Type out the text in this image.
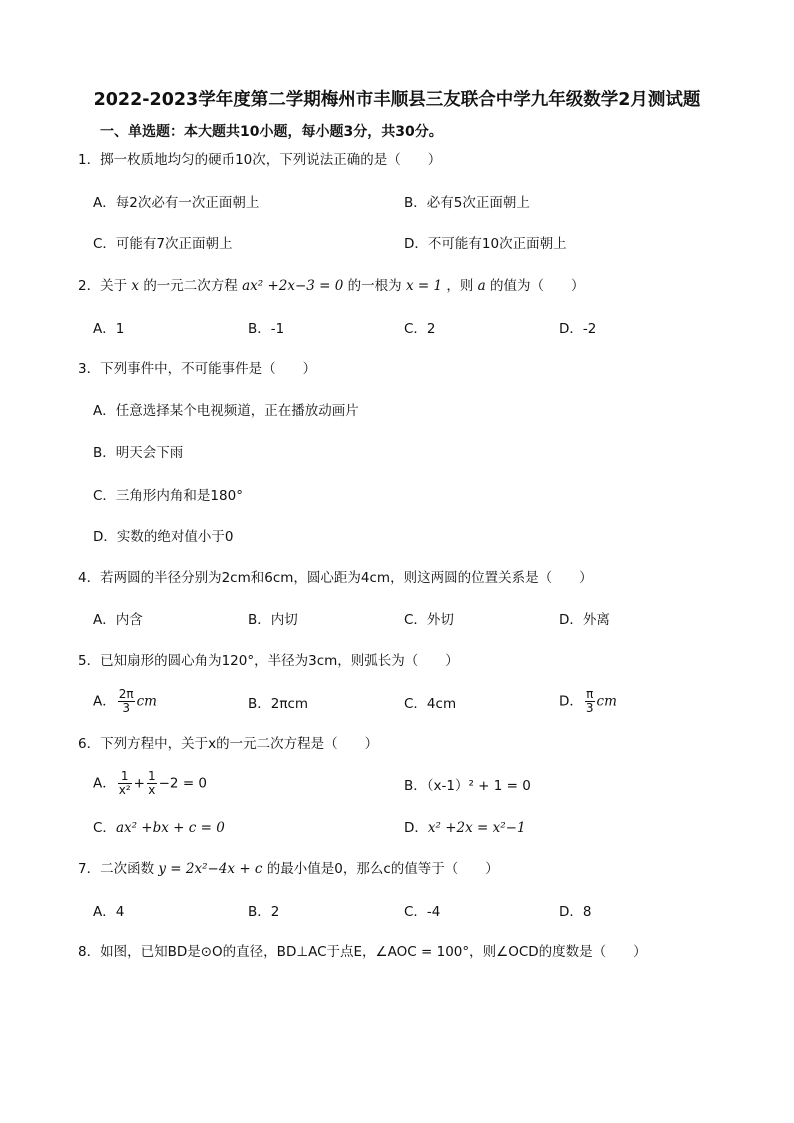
2022-2023学年度第二学期梅州市丰顺县三友联合中学九年级数学2月测试题
一、单选题：本大题共10小题，每小题3分，共30分。
1．掷一枚质地均匀的硬币10次，下列说法正确的是（　　）
A．每2次必有一次正面朝上	B．必有5次正面朝上
C．可能有7次正面朝上	D．不可能有10次正面朝上
2．关于 x 的一元二次方程 ax² +2x−3 = 0 的一根为 x = 1 ，则 a 的值为（　　）
A．1	B．-1	C．2	D．-2
3．下列事件中，不可能事件是（　　）
A．任意选择某个电视频道，正在播放动画片
B．明天会下雨
C．三角形内角和是180°
D．实数的绝对值小于0
4．若两圆的半径分别为2cm和6cm，圆心距为4cm，则这两圆的位置关系是（　　）
A．内含	B．内切	C．外切	D．外离
5．已知扇形的圆心角为120°，半径为3cm，则弧长为（　　）
A． $\frac{2\pi}{3}$ cm	B．2πcm	C．4cm	D． $\frac{\pi}{3}$ cm
6．下列方程中，关于x的一元二次方程是（　　）
A． $\frac{1}{\text{x²}} + \frac{1}{x} -2 = 0$	B．（x-1）² + 1 = 0
C．ax² +bx + c = 0	D．x² +2x = x²−1
7．二次函数 y = 2x²−4x + c 的最小值是0，那么c的值等于（　　）
A．4	B．2	C．-4	D．8
8．如图，已知BD是⊙O的直径，BD⊥AC于点E，∠AOC = 100°，则∠OCD的度数是（　　）
